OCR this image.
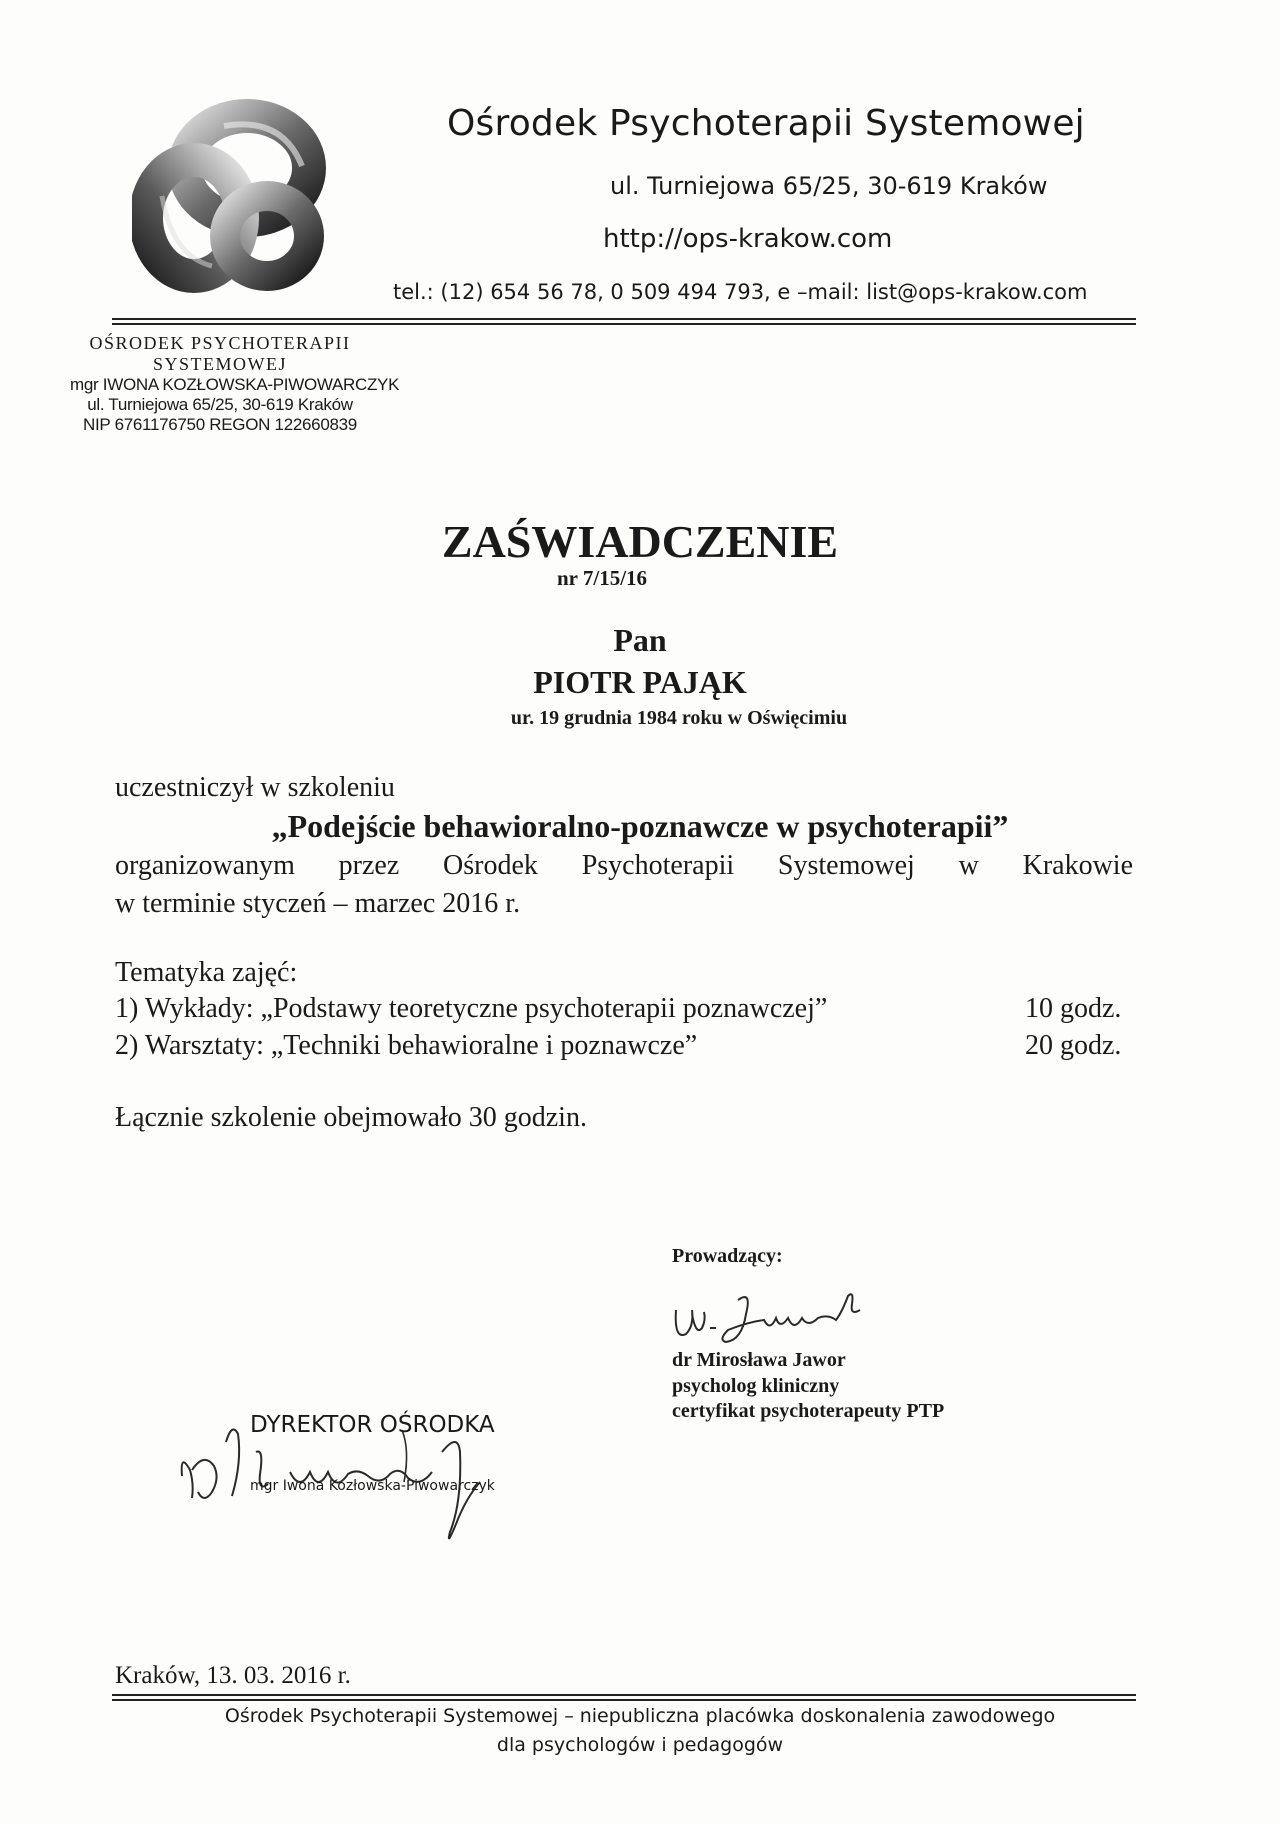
Ośrodek Psychoterapii Systemowej
ul. Turniejowa 65/25, 30-619 Kraków
http://ops-krakow.com
tel.: (12) 654 56 78, 0 509 494 793, e –mail: list@ops-krakow.com
OŚRODEK PSYCHOTERAPII
SYSTEMOWEJ
mgr IWONA KOZŁOWSKA-PIWOWARCZYK
ul. Turniejowa 65/25, 30-619 Kraków
NIP 6761176750 REGON 122660839
ZAŚWIADCZENIE
nr 7/15/16
Pan
PIOTR PAJĄK
ur. 19 grudnia 1984 roku w Oświęcimiu
uczestniczył w szkoleniu
„Podejście behawioralno-poznawcze w psychoterapii”
organizowanym przez Ośrodek Psychoterapii Systemowej w Krakowie
w terminie styczeń – marzec 2016 r.
Tematyka zajęć:
1) Wykłady: „Podstawy teoretyczne psychoterapii poznawczej”	10 godz.
2) Warsztaty: „Techniki behawioralne i poznawcze”	20 godz.
Łącznie szkolenie obejmowało 30 godzin.
Prowadzący:
dr Mirosława Jawor
psycholog kliniczny
certyfikat psychoterapeuty PTP
DYREKTOR OŚRODKA
mgr Iwona Kozłowska-Piwowarczyk
Kraków, 13. 03. 2016 r.
Ośrodek Psychoterapii Systemowej – niepubliczna placówka doskonalenia zawodowego
dla psychologów i pedagogów
